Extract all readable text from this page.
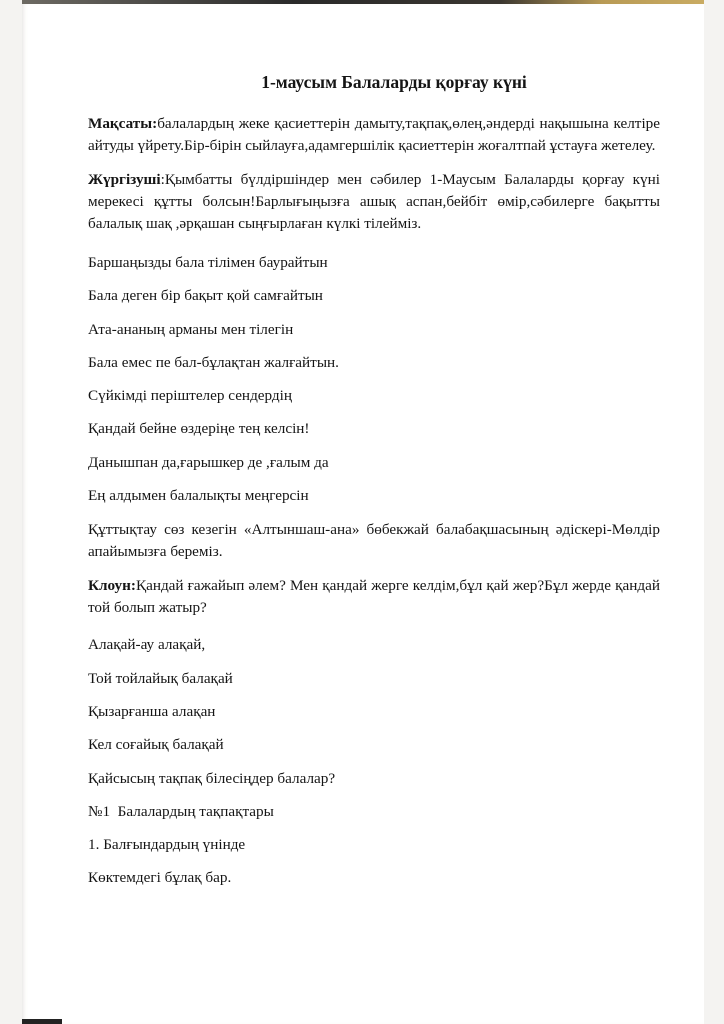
1-маусым Балаларды қорғау күні

Мақсаты:балалардың жеке қасиеттерін дамыту,тақпақ,өлең,әндерді нақышына келтіре айтуды үйрету.Бір-бірін сыйлауға,адамгершілік қасиеттерін жоғалтпай ұстауға жетелеу.

Жүргізуші:Қымбатты бүлдіршіндер мен сәбилер 1-Маусым Балаларды қорғау күні мерекесі құтты болсын!Барлығыңызға ашық аспан,бейбіт өмір,сәбилерге бақытты балалық шақ ,әрқашан сыңғырлаған күлкі тілейміз.

Баршаңызды бала тілімен баурайтын
Бала деген бір бақыт қой самғайтын
Ата-ананың арманы мен тілегін
Бала емес пе бал-бұлақтан жалғайтын.
Сүйкімді періштелер сендердің
Қандай бейне өздеріңе тең келсін!
Данышпан да,ғарышкер де ,ғалым да
Ең алдымен балалықты меңгерсін

Құттықтау сөз кезегін «Алтыншаш-ана» бөбекжай балабақшасының әдіскері-Мөлдір апайымызға береміз.

Клоун:Қандай ғажайып әлем? Мен қандай жерге келдім,бұл қай жер?Бұл жерде қандай той болып жатыр?

Алақай-ау алақай,
Той тойлайық балақай
Қызарғанша алақан
Кел соғайық балақай
Қайсысың тақпақ білесіңдер балалар?
№1  Балалардың тақпақтары
1. Балғындардың үнінде
Көктемдегі бұлақ бар.
